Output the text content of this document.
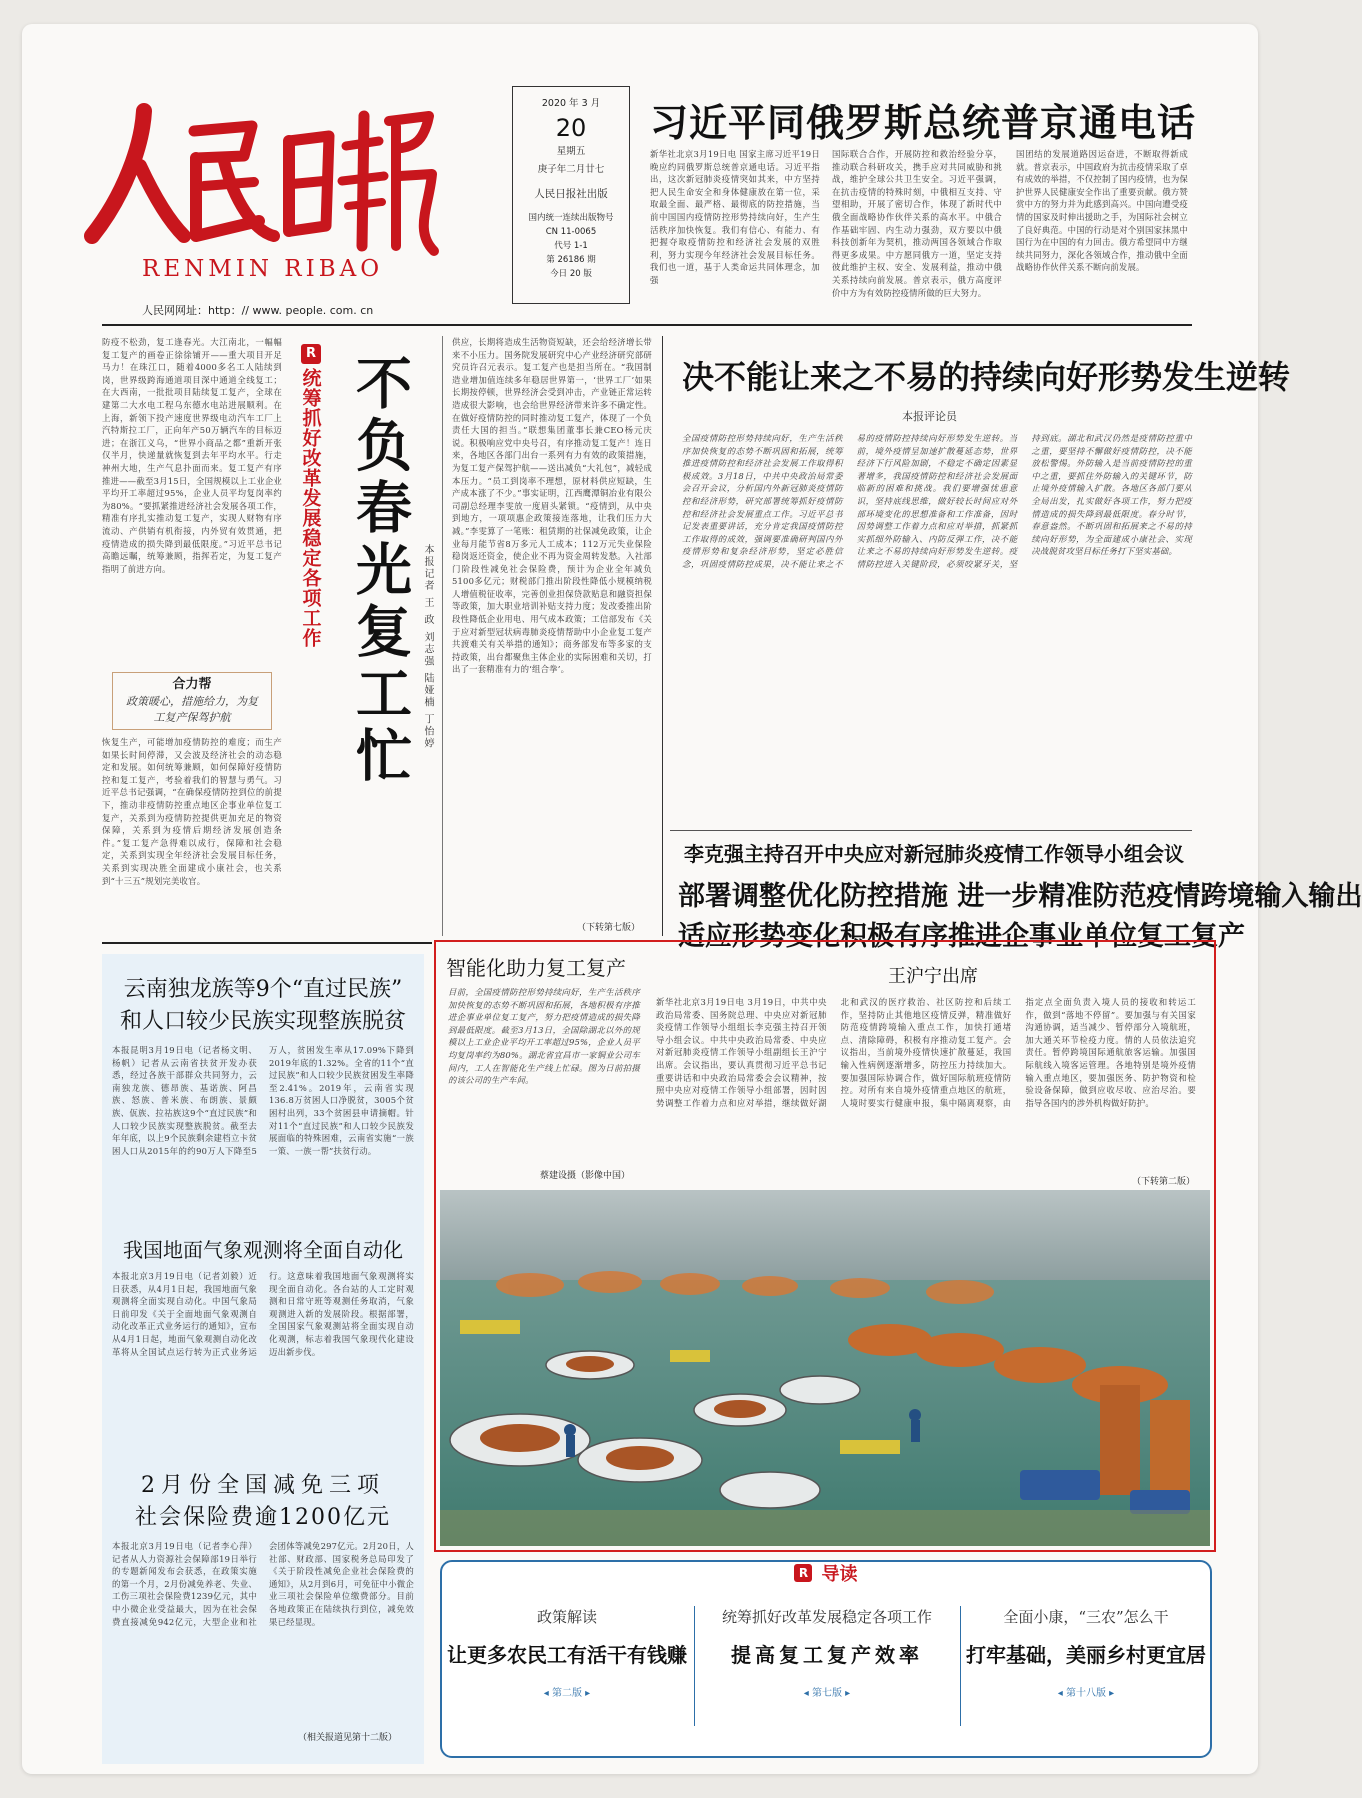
RENMIN RIBAO
人民网网址：http：// www. people. com. cn
2020 年 3 月
20
星期五
庚子年二月廿七
人民日报社出版
国内统一连续出版物号
CN 11-0065
代号 1-1
第 26186 期
今日 20 版
习近平同俄罗斯总统普京通电话
新华社北京3月19日电 国家主席习近平19日晚应约同俄罗斯总统普京通电话。习近平指出，这次新冠肺炎疫情突如其来，中方坚持把人民生命安全和身体健康放在第一位，采取最全面、最严格、最彻底的防控措施，当前中国国内疫情防控形势持续向好，生产生活秩序加快恢复。我们有信心、有能力、有把握夺取疫情防控和经济社会发展的双胜利，努力实现今年经济社会发展目标任务。我们也一道，基于人类命运共同体理念，加强
国际联合合作，开展防控和救治经验分享，推动联合科研攻关，携手应对共同威胁和挑战，维护全球公共卫生安全。习近平强调，在抗击疫情的特殊时刻，中俄相互支持、守望相助，开展了密切合作，体现了新时代中俄全面战略协作伙伴关系的高水平。中俄合作基础牢固、内生动力强劲，双方要以中俄科技创新年为契机，推动两国各领域合作取得更多成果。中方愿同俄方一道，坚定支持彼此维护主权、安全、发展利益，推动中俄关系持续向前发展。普京表示，俄方高度评价中方为有效防控疫情所做的巨大努力。
国团结的发展道路因运奋进，不断取得新成就。普京表示，中国政府为抗击疫情采取了卓有成效的举措，不仅控制了国内疫情，也为保护世界人民健康安全作出了重要贡献。俄方赞赏中方的努力并为此感到高兴。中国向遭受疫情的国家及时伸出援助之手，为国际社会树立了良好典范。中国的行动是对个别国家抹黑中国行为在中国的有力回击。俄方希望同中方继续共同努力，深化各领域合作，推动俄中全面战略协作伙伴关系不断向前发展。
防疫不松劲，复工逢春光。大江南北，一幅幅复工复产的画卷正徐徐铺开——重大项目开足马力！在珠江口，随着4000多名工人陆续到岗，世界级跨海通道项目深中通道全线复工；在大西南，一批批项目陆续复工复产，全球在建第二大水电工程乌东德水电站进展顺利。在上海，新领下投产速度世界级电动汽车工厂上汽特斯拉工厂，正向年产50万辆汽车的目标迈进；在浙江义乌，“世界小商品之都”重新开张仅半月，快递量就恢复到去年平均水平。行走神州大地，生产气息扑面而来。复工复产有序推进——截至3月15日，全国规模以上工业企业平均开工率超过95%，企业人员平均复岗率约为80%。“要抓紧推进经济社会发展各项工作，精准有序扎实推动复工复产，实现人财物有序流动、产供销有机衔接，内外贸有效贯通，把疫情造成的损失降到最低限度。”习近平总书记高瞻远瞩，统筹兼顾，指挥若定，为复工复产指明了前进方向。
合力帮
政策暖心，措施给力，为复工复产保驾护航
恢复生产，可能增加疫情防控的难度；而生产如果长时间停滞，又会波及经济社会的动态稳定和发展。如何统筹兼顾，如何保障好疫情防控和复工复产，考验着我们的智慧与勇气。习近平总书记强调，“在确保疫情防控到位的前提下，推动非疫情防控重点地区企事业单位复工复产，关系到为疫情防控提供更加充足的物资保障，关系到为疫情后期经济发展创造条件。”复工复产急得难以成行，保障和社会稳定，关系到实现全年经济社会发展目标任务，关系到实现决胜全面建成小康社会，也关系到“十三五”规划完美收官。
R
统筹抓好改革发展稳定各项工作 不负春光复工忙 本报记者 王 政 刘志强 陆娅楠 丁怡婷
供应，长期将造成生活物资短缺，还会给经济增长带来不小压力。国务院发展研究中心产业经济研究部研究员许召元表示。复工复产也是担当所在。“我国制造业增加值连续多年稳居世界第一，‘世界工厂’如果长期按停顿，世界经济会受到冲击，产业链正常运转造成很大影响，也会给世界经济带来许多不确定性。在做好疫情防控的同时推动复工复产，体现了一个负责任大国的担当。”联想集团董事长兼CEO杨元庆说。积极响应党中央号召，有序推动复工复产！连日来，各地区各部门出台一系列有力有效的政策措施，为复工复产保驾护航——送出减负“大礼包”，减轻成本压力。“员工到岗率不理想，原材料供应短缺，生产成本涨了不少。”事实证明，江西鹰潭铜冶业有限公司副总经理李雯放一度眉头紧锁。“疫情到，从中央到地方，一项项惠企政策接连落地，让我们压力大减。”李雯算了一笔账：租赁期的社保减免政策，让企业每月能节省8万多元人工成本；112万元失业保险稳岗返还资金，使企业不再为资金周转发愁。入社部门阶段性减免社会保险费，预计为企业全年减负5100多亿元；财税部门推出阶段性降低小规模纳税人增值税征收率，完善创业担保贷款贴息和融资担保等政策，加大职业培训补贴支持力度；发改委推出阶段性降低企业用电、用气成本政策；工信部发布《关于应对新型冠状病毒肺炎疫情帮助中小企业复工复产共渡难关有关举措的通知》；商务部发布等多家的支持政策，出台都聚焦主体企业的实际困难和关切，打出了一套精准有力的‘组合拳’。
（下转第七版）
决不能让来之不易的持续向好形势发生逆转
本报评论员
全国疫情防控形势持续向好，生产生活秩序加快恢复的态势不断巩固和拓展，统筹推进疫情防控和经济社会发展工作取得积极成效。3月18日，中共中央政治局常委会召开会议，分析国内外新冠肺炎疫情防控和经济形势，研究部署统筹抓好疫情防控和经济社会发展重点工作。习近平总书记发表重要讲话，充分肯定我国疫情防控工作取得的成效，强调要准确研判国内外疫情形势和复杂经济形势，坚定必胜信念，巩固疫情防控成果，决不能让来之不易的疫情防控持续向好形势发生逆转。当前，境外疫情呈加速扩散蔓延态势，世界经济下行风险加剧，不稳定不确定因素显著增多，我国疫情防控和经济社会发展面临新的困难和挑战。我们要增强忧患意识，坚持底线思维，做好较长时间应对外部环境变化的思想准备和工作准备，因时因势调整工作着力点和应对举措，抓紧抓实抓细外防输入、内防反弹工作，决不能让来之不易的持续向好形势发生逆转。疫情防控进入关键阶段，必须咬紧牙关，坚持到底。湖北和武汉仍然是疫情防控重中之重，要坚持不懈做好疫情防控，决不能放松警惕。外防输入是当前疫情防控的重中之重，要抓住外防输入的关键环节，防止境外疫情输入扩散。各地区各部门要从全局出发，扎实做好各项工作，努力把疫情造成的损失降到最低限度。春分时节，春意盎然。不断巩固和拓展来之不易的持续向好形势，为全面建成小康社会、实现决战脱贫攻坚目标任务打下坚实基础。
李克强主持召开中央应对新冠肺炎疫情工作领导小组会议
部署调整优化防控措施 进一步精准防范疫情跨境输入输出
适应形势变化积极有序推进企事业单位复工复产
王沪宁出席
新华社北京3月19日电 3月19日，中共中央政治局常委、国务院总理、中央应对新冠肺炎疫情工作领导小组组长李克强主持召开领导小组会议。中共中央政治局常委、中央应对新冠肺炎疫情工作领导小组副组长王沪宁出席。会议指出，要认真贯彻习近平总书记重要讲话和中央政治局常委会会议精神，按照中央应对疫情工作领导小组部署，因时因势调整工作着力点和应对举措，继续做好湖北和武汉的医疗救治、社区防控和后续工作，坚持防止其他地区疫情反弹，精准做好防范疫情跨境输入重点工作，加快打通堵点、清除障碍，积极有序推动复工复产。会议指出，当前境外疫情快速扩散蔓延，我国输入性病例逐渐增多，防控压力持续加大。要加强国际协调合作，做好国际航班疫情防控。对所有来自境外疫情重点地区的航班，人境时要实行健康申报，集中隔离观察，由指定点全面负责入境人员的接收和转运工作，做到“落地不停留”。要加强与有关国家沟通协调，适当减少、暂停部分入境航班，加大通关环节检疫力度。情的人员依法追究责任。暂停跨境国际通航旅客运输。加强国际航线入境客运管理。各地特别是境外疫情输入重点地区，要加强医务、防护物资和检验设备保障，做到应收尽收、应治尽治。要指导各国内的涉外机构做好防护。
（下转第二版）
云南独龙族等9个“直过民族”
和人口较少民族实现整族脱贫
本报昆明3月19日电（记者杨文明、杨帆）记者从云南省扶贫开发办获悉，经过各族干部群众共同努力，云南独龙族、德昂族、基诺族、阿昌族、怒族、普米族、布朗族、景颇族、佤族、拉祜族这9个“直过民族”和人口较少民族实现整族脱贫。截至去年年底，以上9个民族剩余建档立卡贫困人口从2015年的约90万人下降至5万人，贫困发生率从17.09%下降到2019年底的1.32%。全省的11个“直过民族”和人口较少民族贫困发生率降至2.41%。2019年，云南省实现136.8万贫困人口净脱贫，3005个贫困村出列，33个贫困县申请摘帽。针对11个“直过民族”和人口较少民族发展面临的特殊困难，云南省实施“一族一策、一族一帮”扶贫行动。
我国地面气象观测将全面自动化
本报北京3月19日电（记者刘毅）近日获悉，从4月1日起，我国地面气象观测将全面实现自动化。中国气象局日前印发《关于全面地面气象观测自动化改革正式业务运行的通知》，宣布从4月1日起，地面气象观测自动化改革将从全国试点运行转为正式业务运行。这意味着我国地面气象观测将实现全面自动化。各台站的人工定时观测和日常守班等观测任务取消，气象观测进入新的发展阶段。根据部署，全国国家气象观测站将全面实现自动化观测，标志着我国气象现代化建设迈出新步伐。
2月份全国减免三项
社会保险费逾1200亿元
本报北京3月19日电（记者李心萍）记者从人力资源社会保障部19日举行的专题新闻发布会获悉，在政策实施的第一个月，2月份减免养老、失业、工伤三项社会保险费1239亿元，其中中小微企业受益最大，因为在社会保费直接减免942亿元，大型企业和社会团体等减免297亿元。2月20日，人社部、财政部、国家税务总局印发了《关于阶段性减免企业社会保险费的通知》，从2月到6月，可免征中小微企业三项社会保险单位缴费部分。目前各地政策正在陆续执行到位，减免效果已经显现。
（相关报道见第十二版）
智能化助力复工复产
目前，全国疫情防控形势持续向好，生产生活秩序加快恢复的态势不断巩固和拓展，各地积极有序推进企事业单位复工复产，努力把疫情造成的损失降到最低限度。截至3月13日，全国除湖北以外的规模以上工业企业平均开工率超过95%，企业人员平均复岗率约为80%。湖北省宜昌市一家铜业公司车间内，工人在智能化生产线上忙碌。图为日前拍摄的该公司的生产车间。
蔡建设摄（影像中国）
R 导读
政策解读
让更多农民工有活干有钱赚
◂ 第二版 ▸
统筹抓好改革发展稳定各项工作
提高复工复产效率
◂ 第七版 ▸
全面小康，“三农”怎么干
打牢基础，美丽乡村更宜居
◂ 第十八版 ▸
